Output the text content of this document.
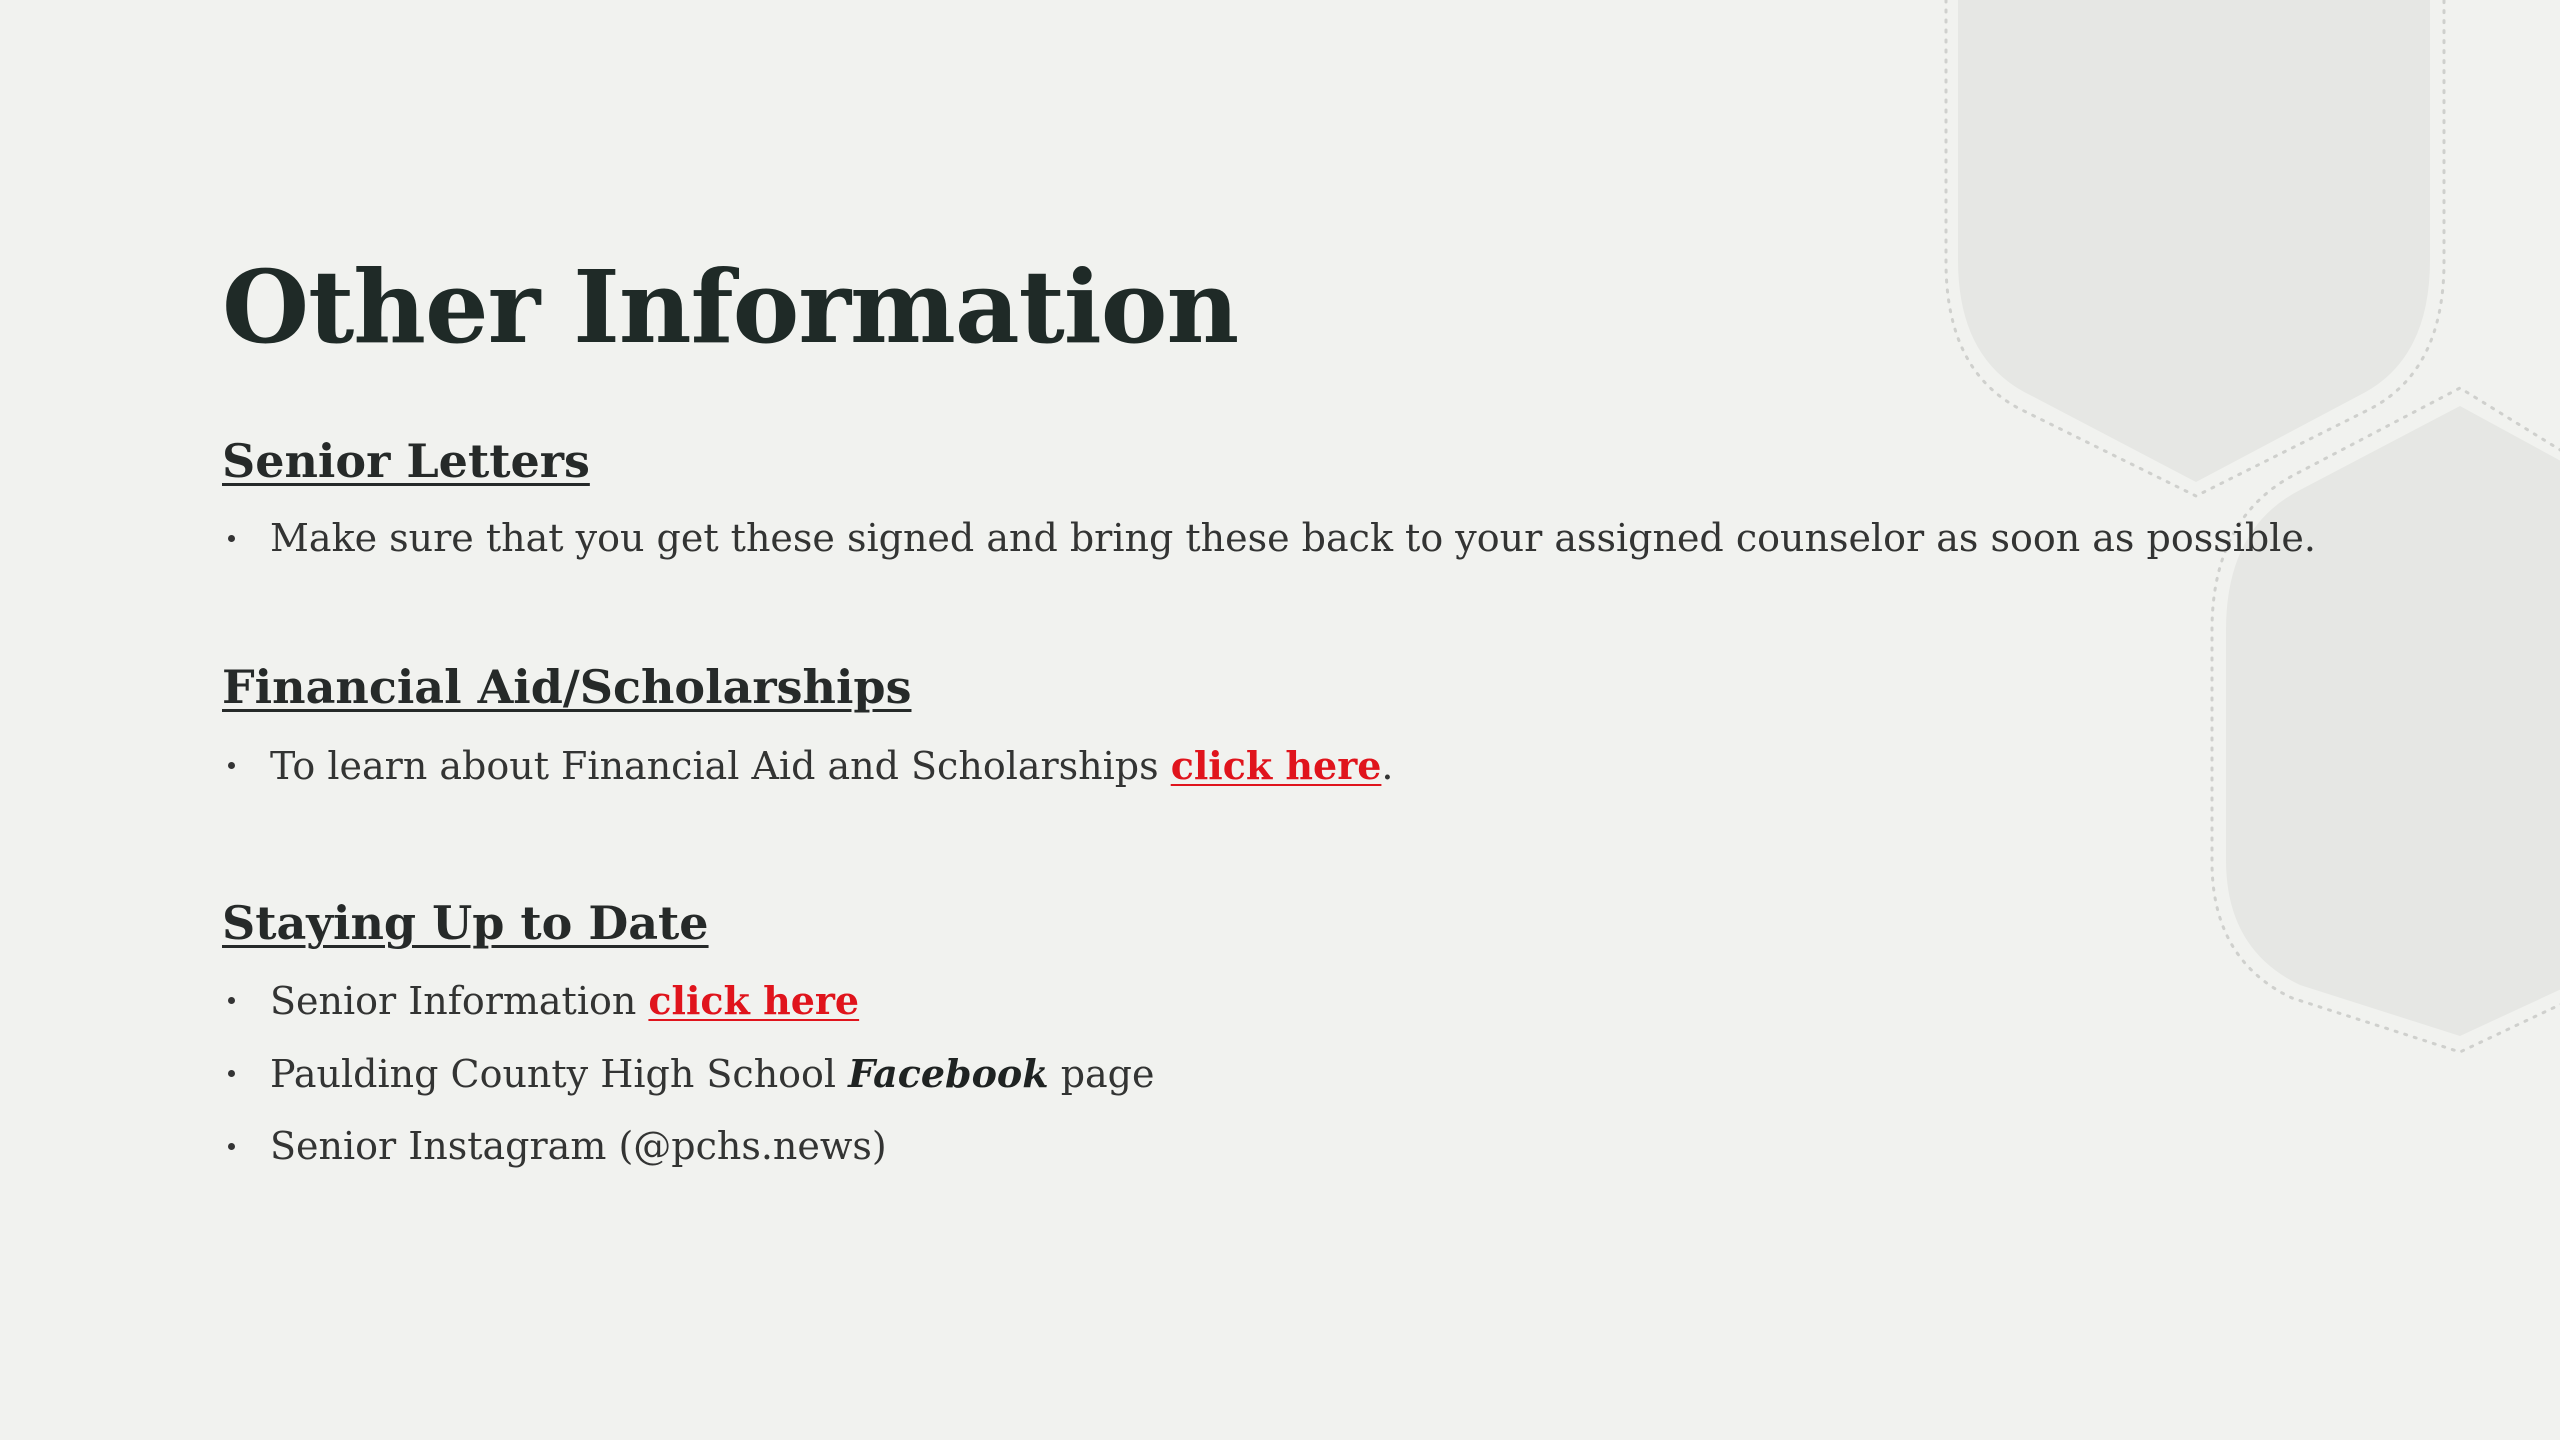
Other Information
Senior Letters
Make sure that you get these signed and bring these back to your assigned counselor as soon as possible.
Financial Aid/Scholarships
To learn about Financial Aid and Scholarships click here.
Staying Up to Date
Senior Information click here
Paulding County High School Facebook page
Senior Instagram (@pchs.news)
